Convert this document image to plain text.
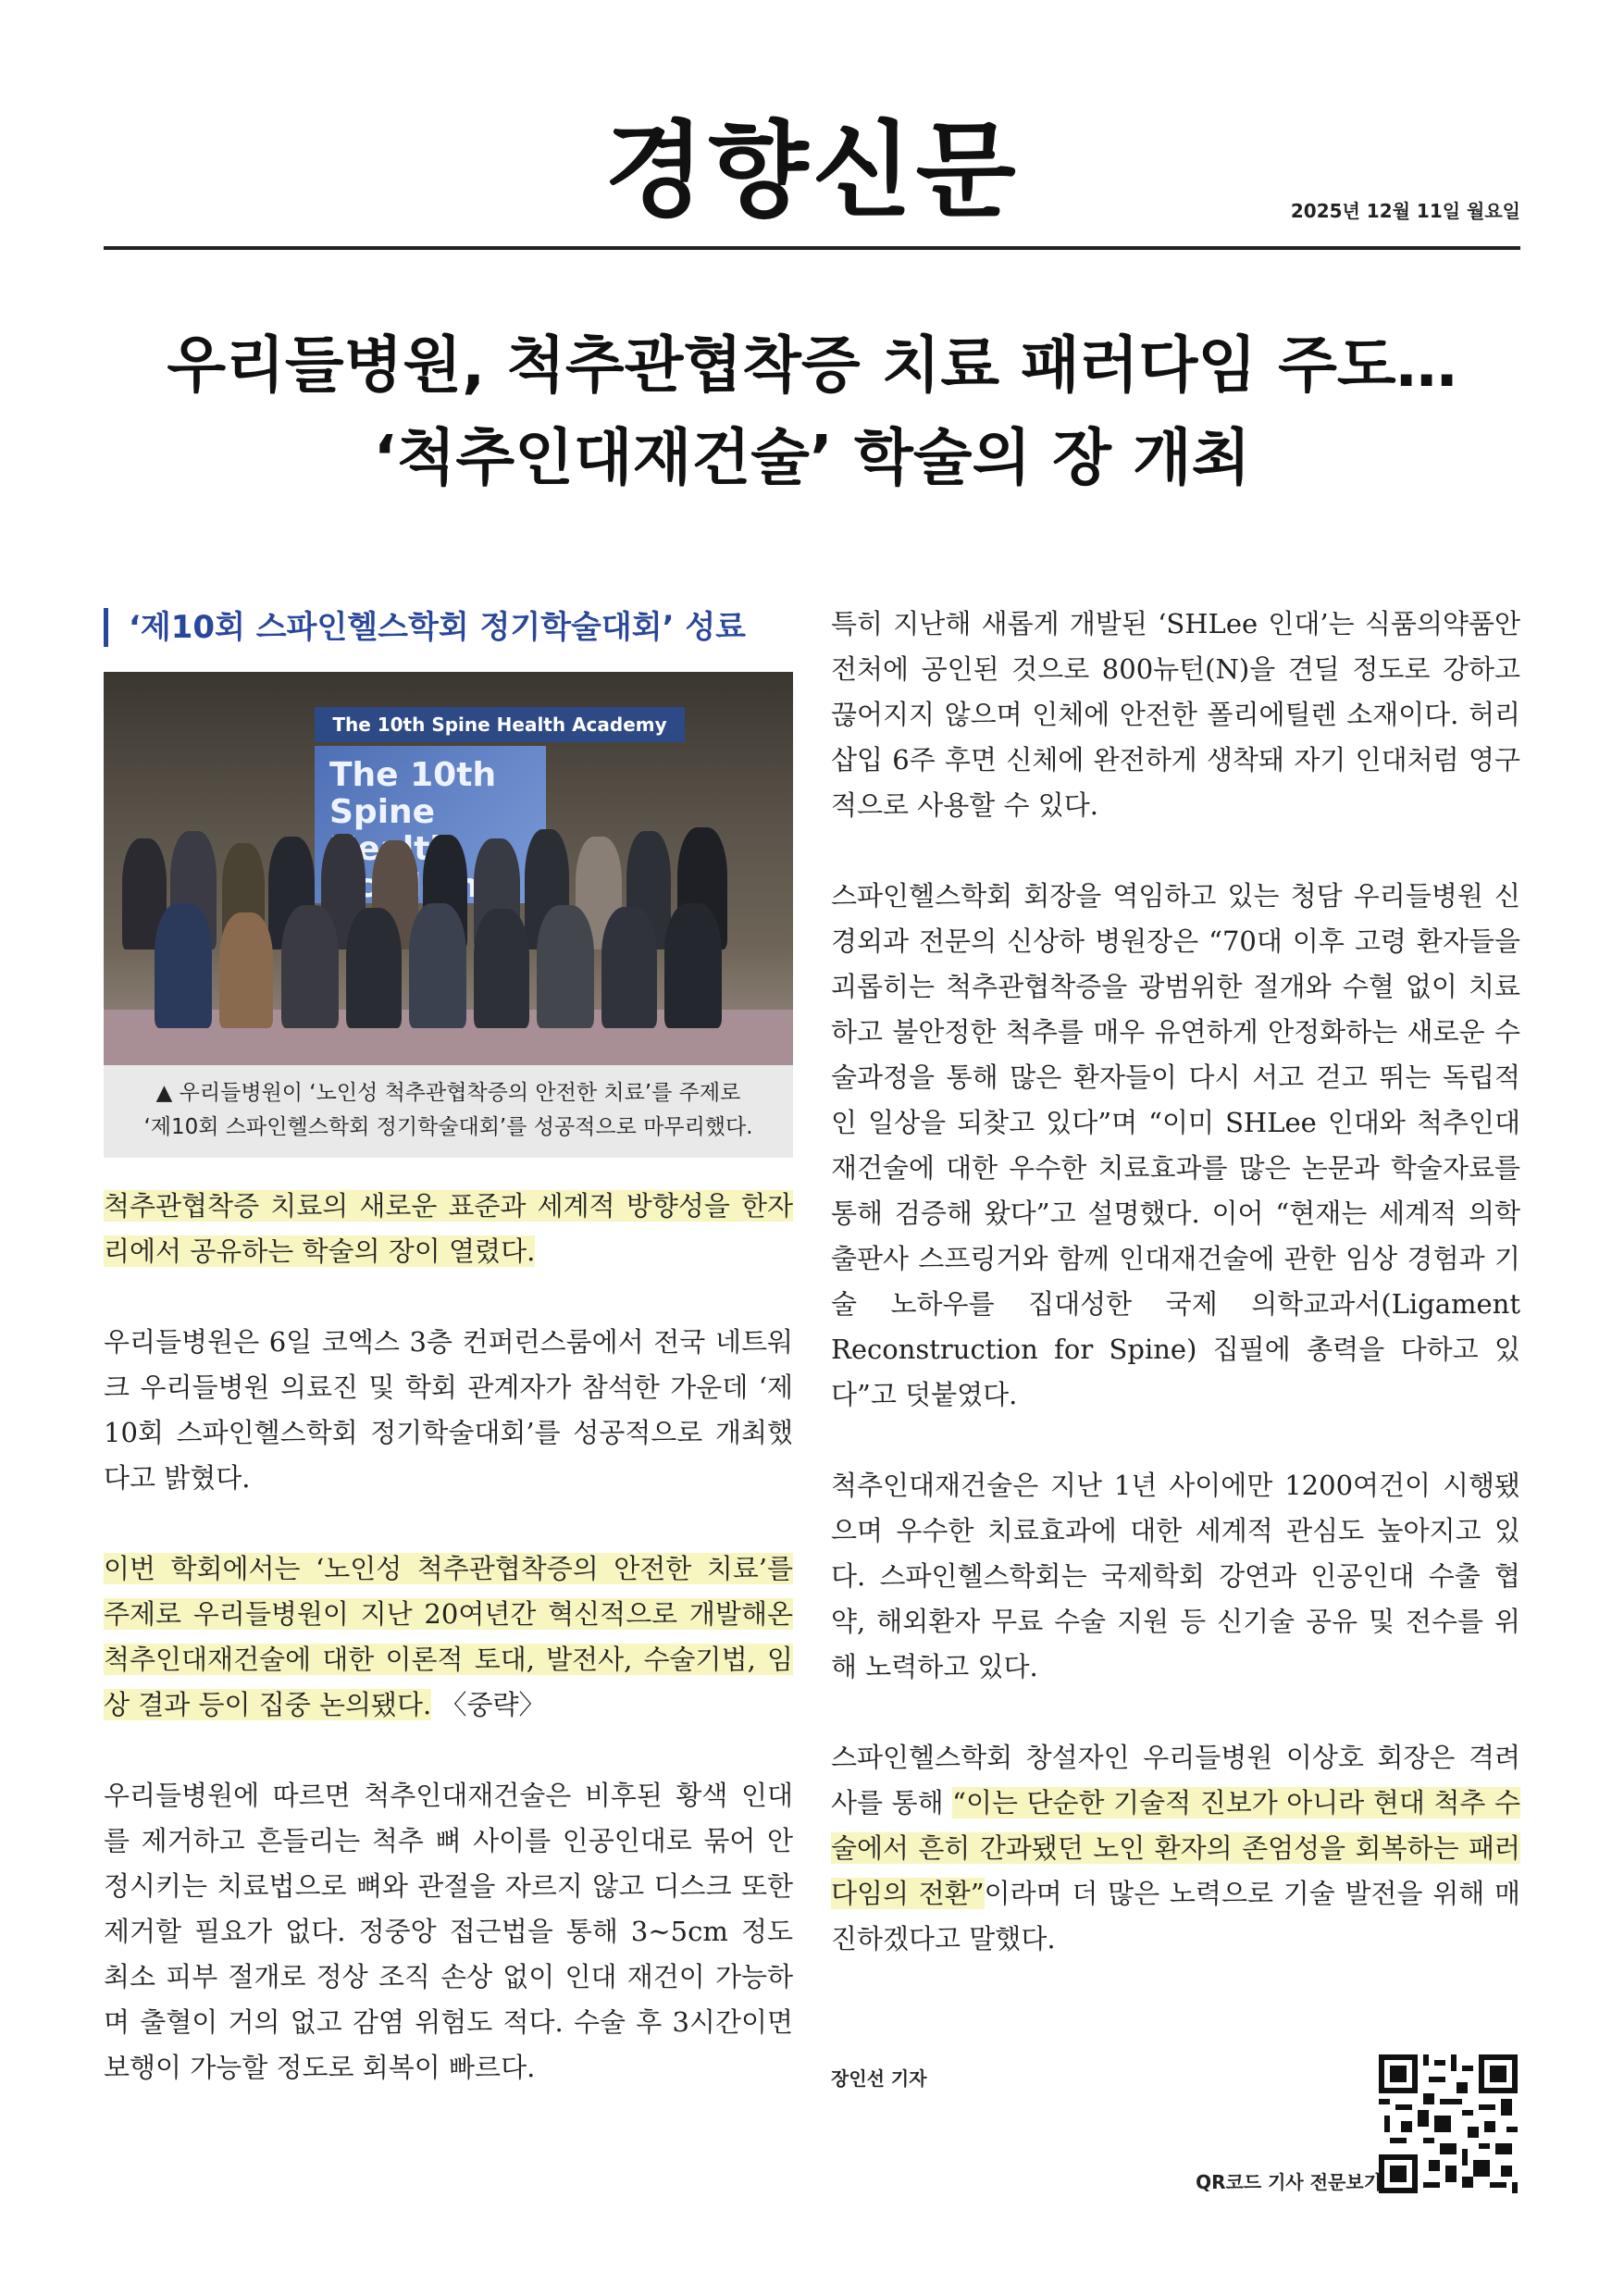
경향신문	2025년 12월 11일 월요일
우리들병원, 척추관협착증 치료 패러다임 주도…
‘척추인대재건술’ 학술의 장 개최
‘제10회 스파인헬스학회 정기학술대회’ 성료
The 10th Spine Health Academy
The 10th Spine
▲ 우리들병원이 ‘노인성 척추관협착증의 안전한 치료’를 주제로
‘제10회 스파인헬스학회 정기학술대회’를 성공적으로 마무리했다.

척추관협착증 치료의 새로운 표준과 세계적 방향성을 한자리에서 공유하는 학술의 장이 열렸다.

우리들병원은 6일 코엑스 3층 컨퍼런스룸에서 전국 네트워크 우리들병원 의료진 및 학회 관계자가 참석한 가운데 ‘제10회 스파인헬스학회 정기학술대회’를 성공적으로 개최했다고 밝혔다.

이번 학회에서는 ‘노인성 척추관협착증의 안전한 치료’를 주제로 우리들병원이 지난 20여년간 혁신적으로 개발해온 척추인대재건술에 대한 이론적 토대, 발전사, 수술기법, 임상 결과 등이 집중 논의됐다. 〈중략〉

우리들병원에 따르면 척추인대재건술은 비후된 황색 인대를 제거하고 흔들리는 척추 뼈 사이를 인공인대로 묶어 안정시키는 치료법으로 뼈와 관절을 자르지 않고 디스크 또한 제거할 필요가 없다. 정중앙 접근법을 통해 3~5cm 정도 최소 피부 절개로 정상 조직 손상 없이 인대 재건이 가능하며 출혈이 거의 없고 감염 위험도 적다. 수술 후 3시간이면 보행이 가능할 정도로 회복이 빠르다.

특히 지난해 새롭게 개발된 ‘SHLee 인대’는 식품의약품안전처에 공인된 것으로 800뉴턴(N)을 견딜 정도로 강하고 끊어지지 않으며 인체에 안전한 폴리에틸렌 소재이다. 허리 삽입 6주 후면 신체에 완전하게 생착돼 자기 인대처럼 영구적으로 사용할 수 있다.

스파인헬스학회 회장을 역임하고 있는 청담 우리들병원 신경외과 전문의 신상하 병원장은 “70대 이후 고령 환자들을 괴롭히는 척추관협착증을 광범위한 절개와 수혈 없이 치료하고 불안정한 척추를 매우 유연하게 안정화하는 새로운 수술과정을 통해 많은 환자들이 다시 서고 걷고 뛰는 독립적인 일상을 되찾고 있다”며 “이미 SHLee 인대와 척추인대재건술에 대한 우수한 치료효과를 많은 논문과 학술자료를 통해 검증해 왔다”고 설명했다. 이어 “현재는 세계적 의학출판사 스프링거와 함께 인대재건술에 관한 임상 경험과 기술 노하우를 집대성한 국제 의학교과서(Ligament Reconstruction for Spine) 집필에 총력을 다하고 있다”고 덧붙였다.

척추인대재건술은 지난 1년 사이에만 1200여건이 시행됐으며 우수한 치료효과에 대한 세계적 관심도 높아지고 있다. 스파인헬스학회는 국제학회 강연과 인공인대 수출 협약, 해외환자 무료 수술 지원 등 신기술 공유 및 전수를 위해 노력하고 있다.

스파인헬스학회 창설자인 우리들병원 이상호 회장은 격려사를 통해 “이는 단순한 기술적 진보가 아니라 현대 척추 수술에서 흔히 간과됐던 노인 환자의 존엄성을 회복하는 패러다임의 전환”이라며 더 많은 노력으로 기술 발전을 위해 매진하겠다고 말했다.

장인선 기자
QR코드 기사 전문보기
